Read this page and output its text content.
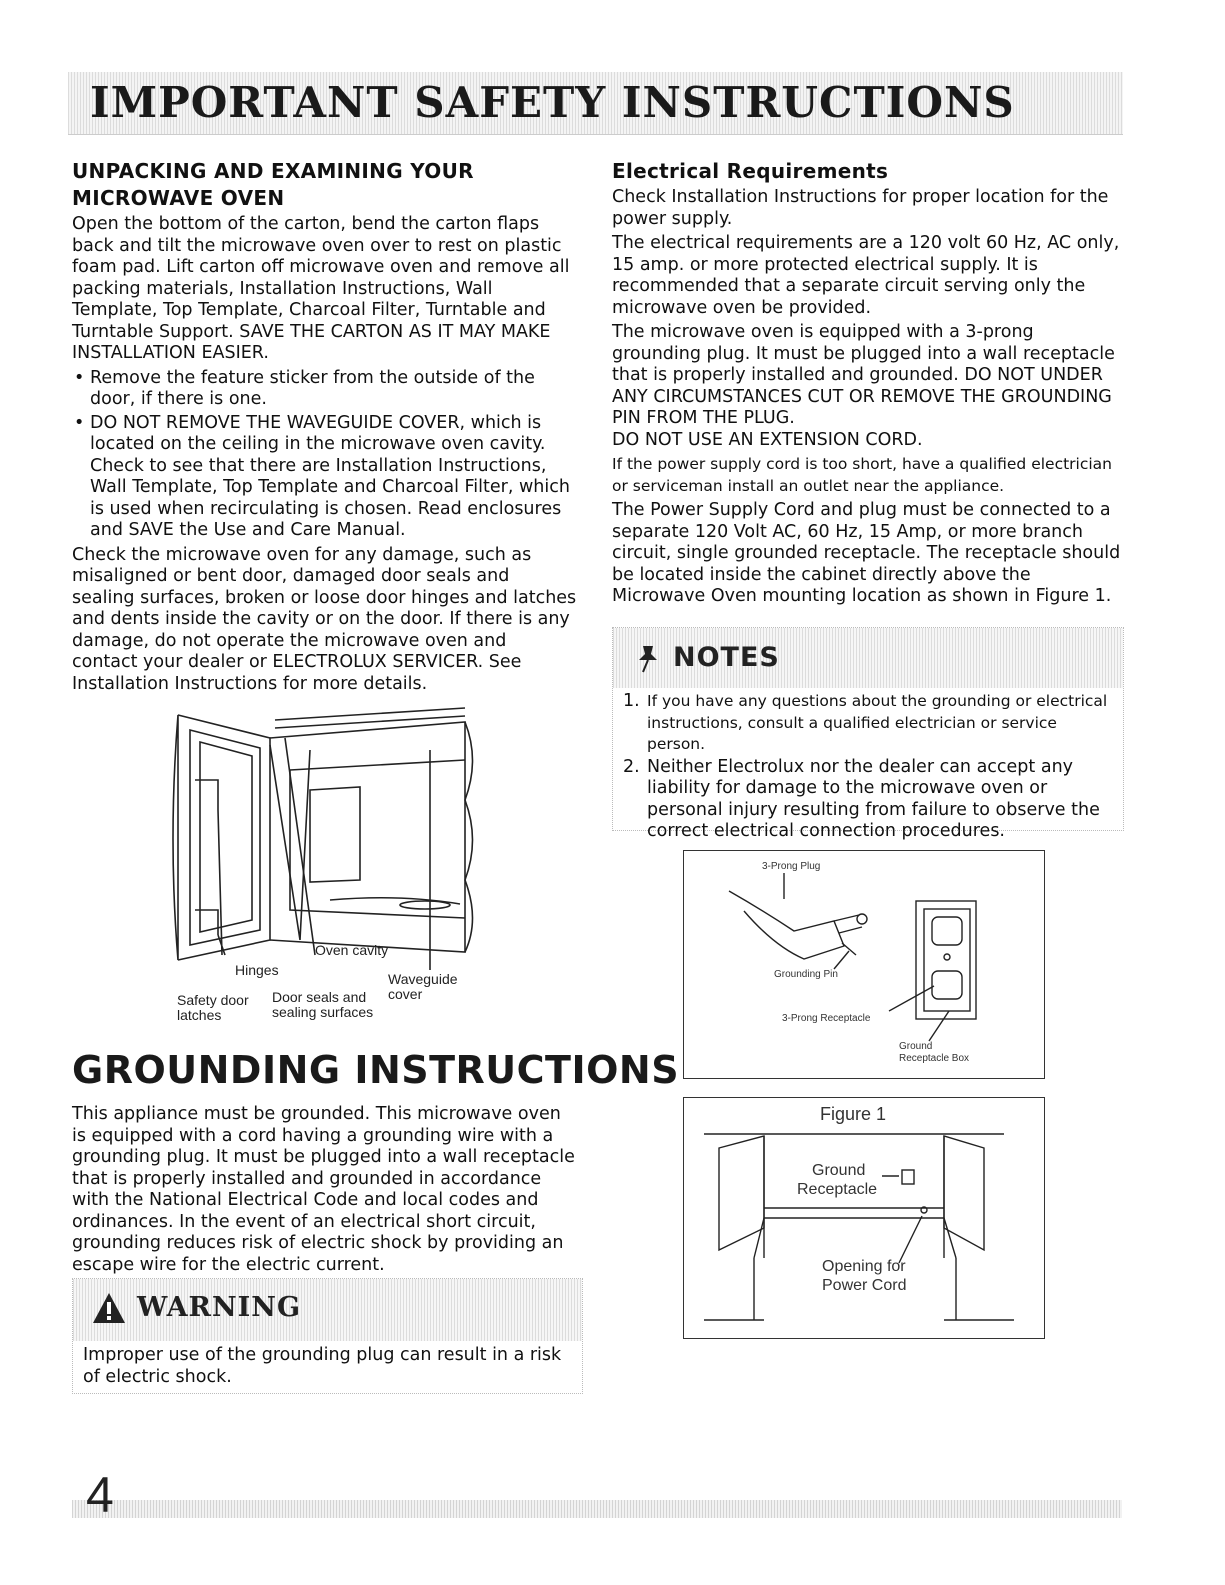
IMPORTANT SAFETY INSTRUCTIONS
UNPACKING AND EXAMINING YOUR MICROWAVE OVEN

Open the bottom of the carton, bend the carton flaps back and tilt the microwave oven over to rest on plastic foam pad. Lift carton off microwave oven and remove all packing materials, Installation Instructions, Wall Template, Top Template, Charcoal Filter, Turntable and Turntable Support. SAVE THE CARTON AS IT MAY MAKE INSTALLATION EASIER.

• Remove the feature sticker from the outside of the door, if there is one.
• DO NOT REMOVE THE WAVEGUIDE COVER, which is located on the ceiling in the microwave oven cavity. Check to see that there are Installation Instructions, Wall Template, Top Template and Charcoal Filter, which is used when recirculating is chosen. Read enclosures and SAVE the Use and Care Manual.

Check the microwave oven for any damage, such as misaligned or bent door, damaged door seals and sealing surfaces, broken or loose door hinges and latches and dents inside the cavity or on the door. If there is any damage, do not operate the microwave oven and contact your dealer or ELECTROLUX SERVICER. See Installation Instructions for more details.

Oven cavity
Hinges
Waveguide
cover
Safety door
latches
Door seals and
sealing surfaces
GROUNDING INSTRUCTIONS
This appliance must be grounded. This microwave oven is equipped with a cord having a grounding wire with a grounding plug. It must be plugged into a wall receptacle that is properly installed and grounded in accordance with the National Electrical Code and local codes and ordinances. In the event of an electrical short circuit, grounding reduces risk of electric shock by providing an escape wire for the electric current.
WARNING
Improper use of the grounding plug can result in a risk of electric shock.
Electrical Requirements

Check Installation Instructions for proper location for the power supply.

The electrical requirements are a 120 volt 60 Hz, AC only, 15 amp. or more protected electrical supply. It is recommended that a separate circuit serving only the microwave oven be provided.

The microwave oven is equipped with a 3-prong grounding plug. It must be plugged into a wall receptacle that is properly installed and grounded. DO NOT UNDER ANY CIRCUMSTANCES CUT OR REMOVE THE GROUNDING PIN FROM THE PLUG.

DO NOT USE AN EXTENSION CORD.

If the power supply cord is too short, have a qualified electrician or serviceman install an outlet near the appliance.

The Power Supply Cord and plug must be connected to a separate 120 Volt AC, 60 Hz, 15 Amp, or more branch circuit, single grounded receptacle. The receptacle should be located inside the cabinet directly above the Microwave Oven mounting location as shown in Figure 1.

NOTES
1. If you have any questions about the grounding or electrical instructions, consult a qualified electrician or service person.
2. Neither Electrolux nor the dealer can accept any liability for damage to the microwave oven or personal injury resulting from failure to observe the correct electrical connection procedures.
3-Prong Plug
Grounding Pin
3-Prong Receptacle
Ground
Receptacle Box
Figure 1
Ground
Receptacle
Opening for
Power Cord
4
